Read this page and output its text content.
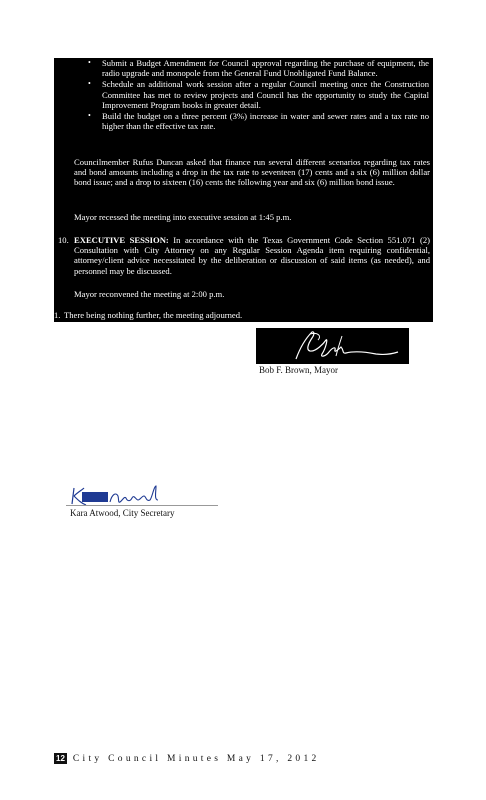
• Submit a Budget Amendment for Council approval regarding the purchase of equipment, the radio upgrade and monopole from the General Fund Unobligated Fund Balance.
• Schedule an additional work session after a regular Council meeting once the Construction Committee has met to review projects and Council has the opportunity to study the Capital Improvement Program books in greater detail.
• Build the budget on a three percent (3%) increase in water and sewer rates and a tax rate no higher than the effective tax rate.
Councilmember Rufus Duncan asked that finance run several different scenarios regarding tax rates and bond amounts including a drop in the tax rate to seventeen (17) cents and a six (6) million dollar bond issue; and a drop to sixteen (16) cents the following year and six (6) million bond issue.
Mayor recessed the meeting into executive session at 1:45 p.m.
10. EXECUTIVE SESSION: In accordance with the Texas Government Code Section 551.071 (2) Consultation with City Attorney on any Regular Session Agenda item requiring confidential, attorney/client advice necessitated by the deliberation or discussion of said items (as needed), and personnel may be discussed.
Mayor reconvened the meeting at 2:00 p.m.
11. There being nothing further, the meeting adjourned.
Bob F. Brown, Mayor
Kara Atwood, City Secretary
12 City Council Minutes May 17, 2012
